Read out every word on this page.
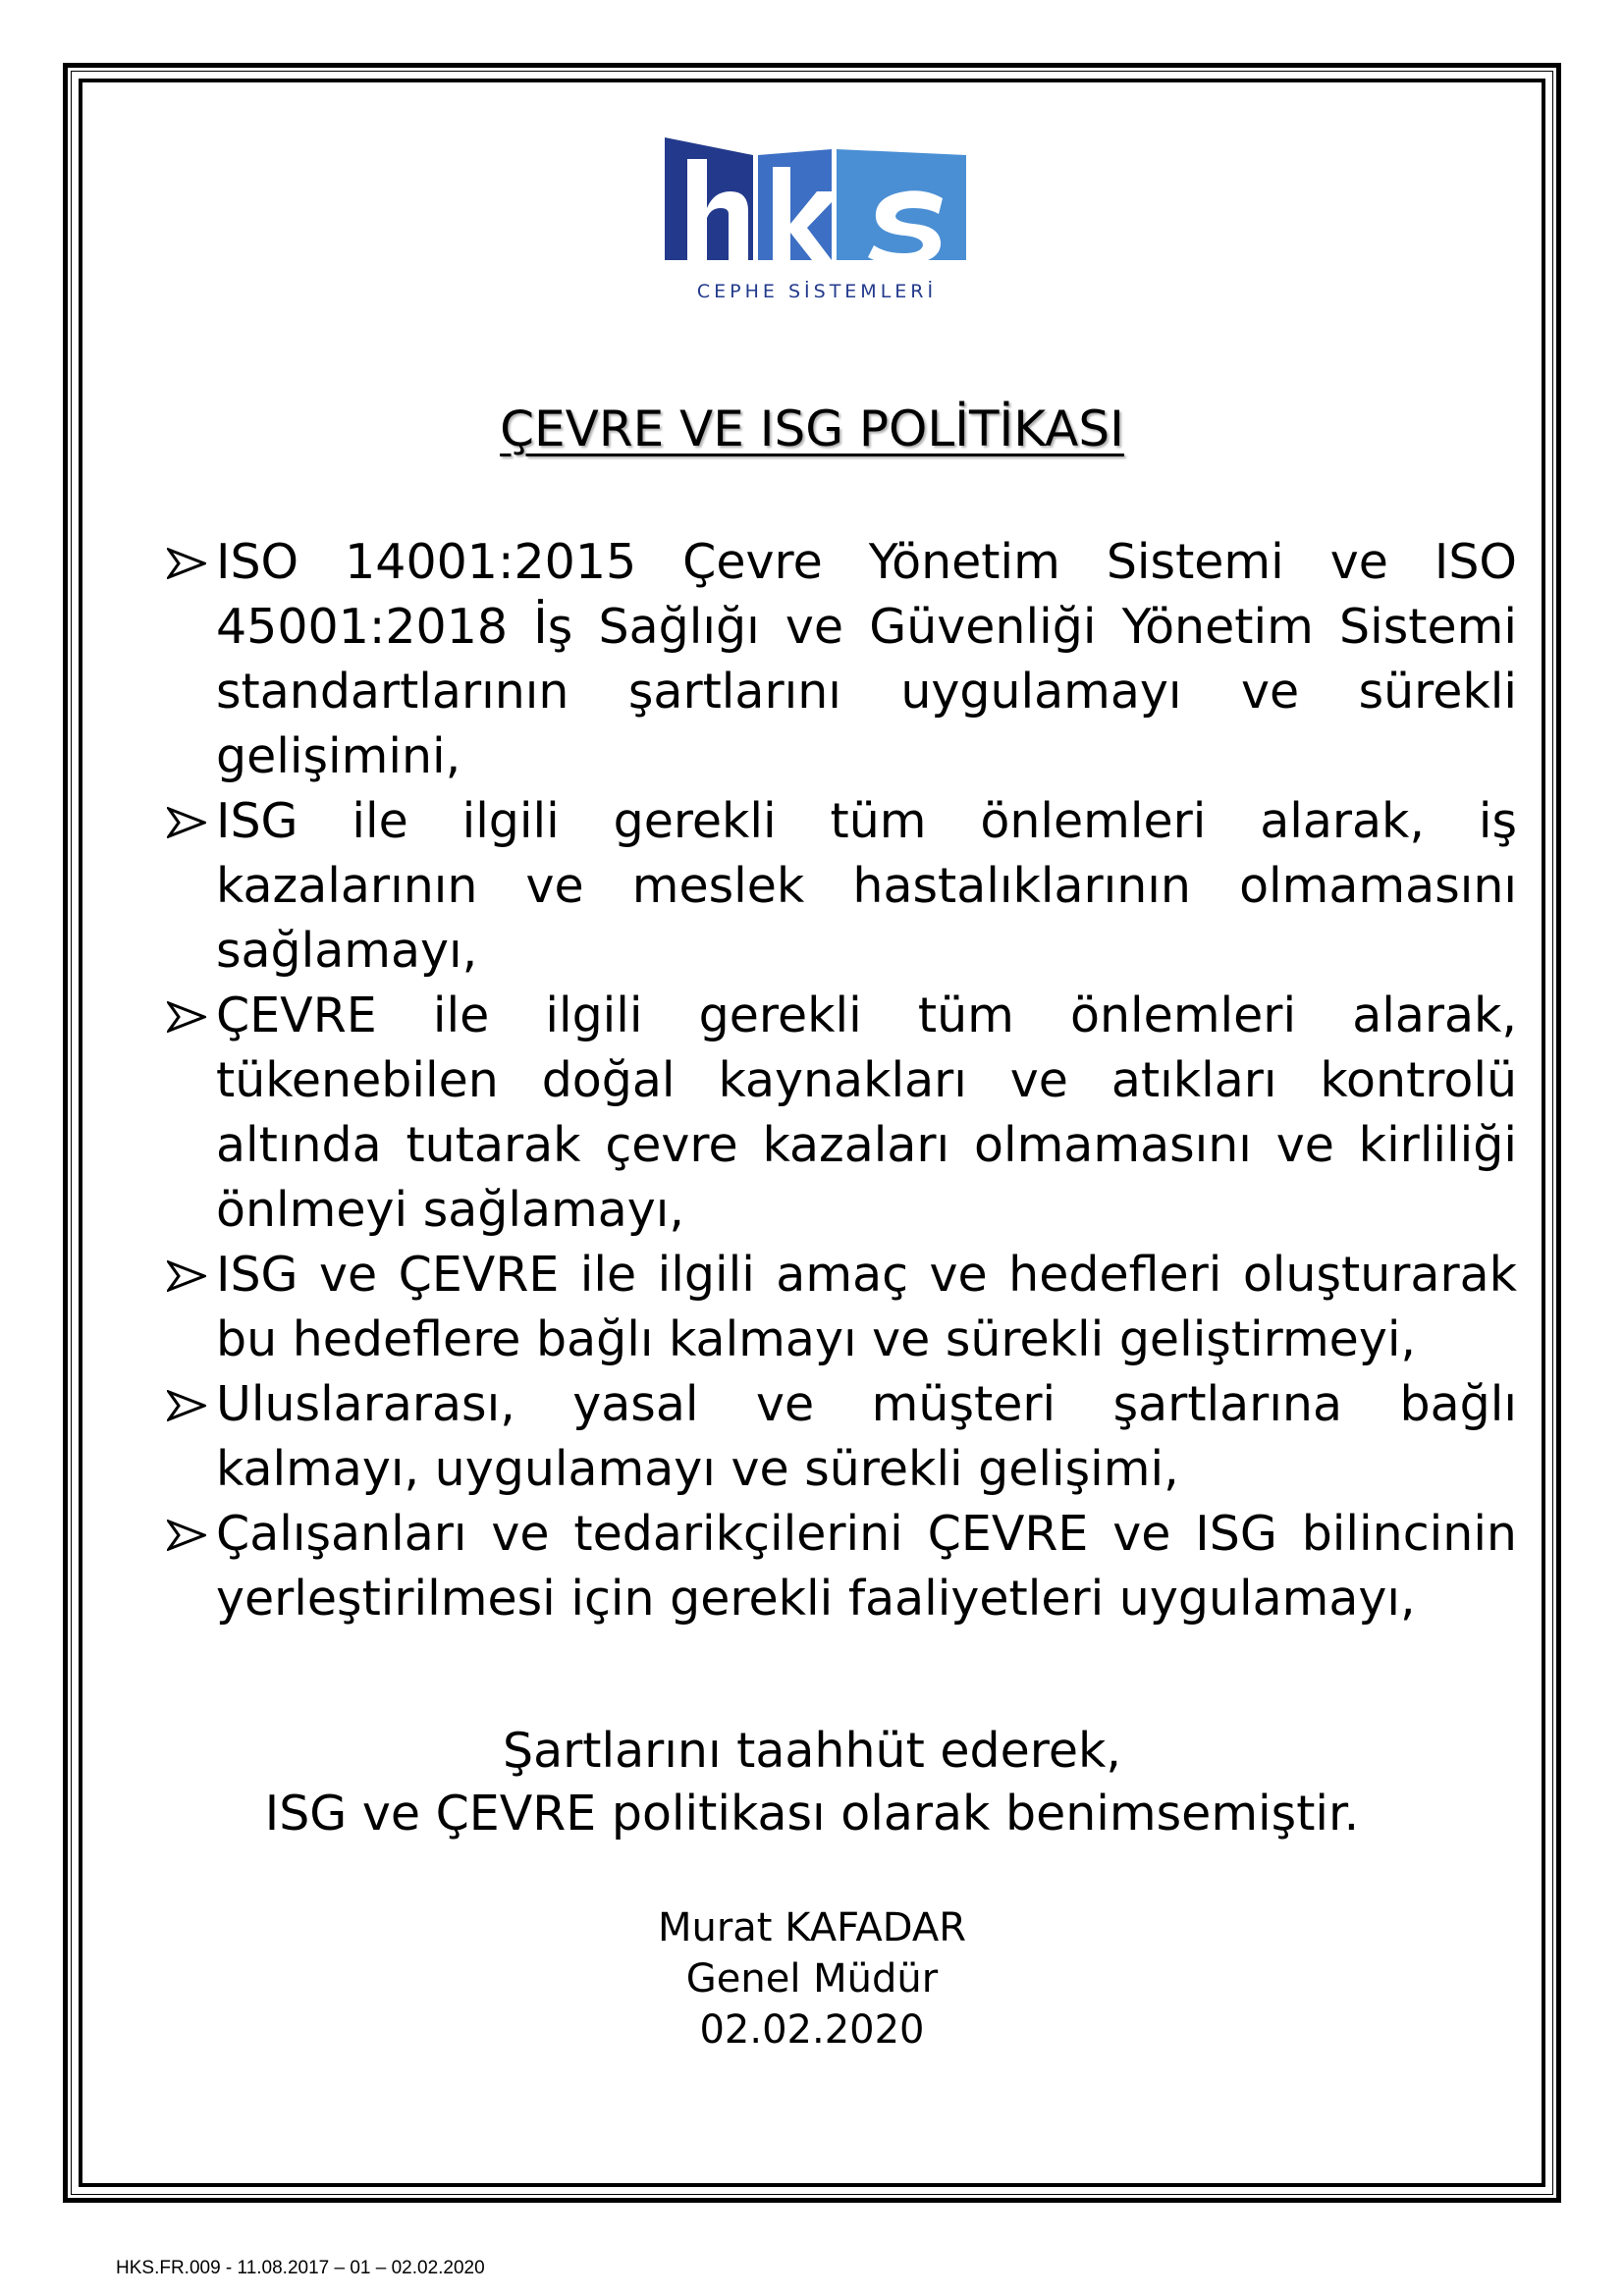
CEPHE SİSTEMLERİ
ÇEVRE VE ISG POLİTİKASI
ISO 14001:2015 Çevre Yönetim Sistemi ve ISO 45001:2018 İş Sağlığı ve Güvenliği Yönetim Sistemi standartlarının şartlarını uygulamayı ve sürekli gelişimini,
ISG ile ilgili gerekli tüm önlemleri alarak, iş kazalarının ve meslek hastalıklarının olmamasını sağlamayı,
ÇEVRE ile ilgili gerekli tüm önlemleri alarak, tükenebilen doğal kaynakları ve atıkları kontrolü altında tutarak çevre kazaları olmamasını ve kirliliği önlmeyi sağlamayı,
ISG ve ÇEVRE ile ilgili amaç ve hedefleri oluşturarak bu hedeflere bağlı kalmayı ve sürekli geliştirmeyi,
Uluslararası, yasal ve müşteri şartlarına bağlı kalmayı, uygulamayı ve sürekli gelişimi,
Çalışanları ve tedarikçilerini ÇEVRE ve ISG bilincinin yerleştirilmesi için gerekli faaliyetleri uygulamayı,
Şartlarını taahhüt ederek,
ISG ve ÇEVRE politikası olarak benimsemiştir.
Murat KAFADAR
Genel Müdür
02.02.2020
HKS.FR.009 - 11.08.2017 – 01 – 02.02.2020
